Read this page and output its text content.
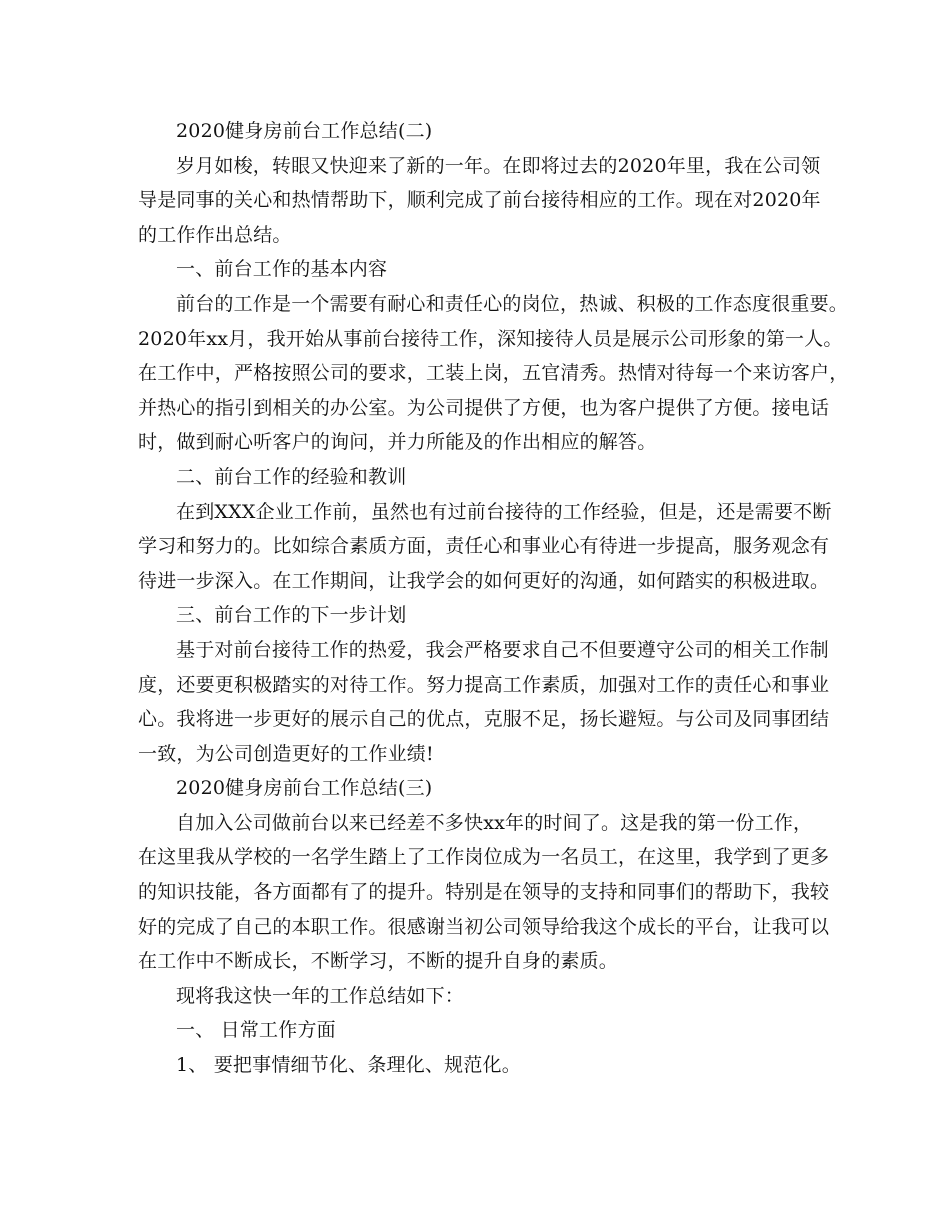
2020健身房前台工作总结(二)
岁月如梭，转眼又快迎来了新的一年。在即将过去的2020年里，我在公司领
导是同事的关心和热情帮助下，顺利完成了前台接待相应的工作。现在对2020年
的工作作出总结。
一、前台工作的基本内容
前台的工作是一个需要有耐心和责任心的岗位，热诚、积极的工作态度很重要。
2020年xx月，我开始从事前台接待工作，深知接待人员是展示公司形象的第一人。
在工作中，严格按照公司的要求，工装上岗，五官清秀。热情对待每一个来访客户，
并热心的指引到相关的办公室。为公司提供了方便，也为客户提供了方便。接电话
时，做到耐心听客户的询问，并力所能及的作出相应的解答。
二、前台工作的经验和教训
在到XXX企业工作前，虽然也有过前台接待的工作经验，但是，还是需要不断
学习和努力的。比如综合素质方面，责任心和事业心有待进一步提高，服务观念有
待进一步深入。在工作期间，让我学会的如何更好的沟通，如何踏实的积极进取。
三、前台工作的下一步计划
基于对前台接待工作的热爱，我会严格要求自己不但要遵守公司的相关工作制
度，还要更积极踏实的对待工作。努力提高工作素质，加强对工作的责任心和事业
心。我将进一步更好的展示自己的优点，克服不足，扬长避短。与公司及同事团结
一致，为公司创造更好的工作业绩!
2020健身房前台工作总结(三)
自加入公司做前台以来已经差不多快xx年的时间了。这是我的第一份工作，
在这里我从学校的一名学生踏上了工作岗位成为一名员工，在这里，我学到了更多
的知识技能，各方面都有了的提升。特别是在领导的支持和同事们的帮助下，我较
好的完成了自己的本职工作。很感谢当初公司领导给我这个成长的平台，让我可以
在工作中不断成长，不断学习，不断的提升自身的素质。
现将我这快一年的工作总结如下：
一、 日常工作方面
1、 要把事情细节化、条理化、规范化。
